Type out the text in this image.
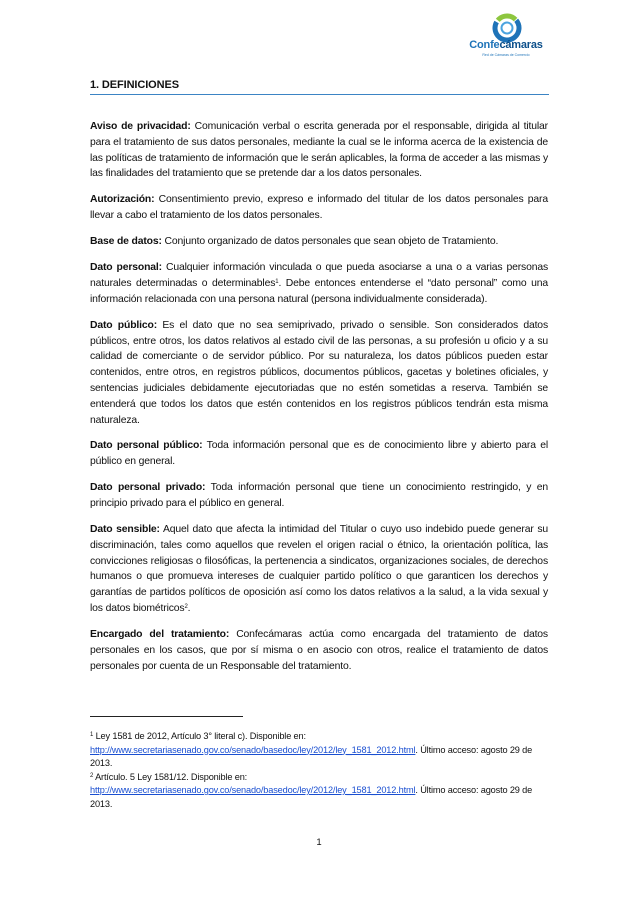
Confecámaras
Red de Cámaras de Comercio
1. DEFINICIONES

Aviso de privacidad: Comunicación verbal o escrita generada por el responsable, dirigida al titular para el tratamiento de sus datos personales, mediante la cual se le informa acerca de la existencia de las políticas de tratamiento de información que le serán aplicables, la forma de acceder a las mismas y las finalidades del tratamiento que se pretende dar a los datos personales.

Autorización: Consentimiento previo, expreso e informado del titular de los datos personales para llevar a cabo el tratamiento de los datos personales.

Base de datos: Conjunto organizado de datos personales que sean objeto de Tratamiento.

Dato personal: Cualquier información vinculada o que pueda asociarse a una o a varias personas naturales determinadas o determinables$^1$. Debe entonces entenderse el “dato personal” como una información relacionada con una persona natural (persona individualmente considerada).

Dato público: Es el dato que no sea semiprivado, privado o sensible. Son considerados datos públicos, entre otros, los datos relativos al estado civil de las personas, a su profesión u oficio y a su calidad de comerciante o de servidor público. Por su naturaleza, los datos públicos pueden estar contenidos, entre otros, en registros públicos, documentos públicos, gacetas y boletines oficiales, y sentencias judiciales debidamente ejecutoriadas que no estén sometidas a reserva. También se entenderá que todos los datos que estén contenidos en los registros públicos tendrán esta misma naturaleza.

Dato personal público: Toda información personal que es de conocimiento libre y abierto para el público en general.

Dato personal privado: Toda información personal que tiene un conocimiento restringido, y en principio privado para el público en general.

Dato sensible: Aquel dato que afecta la intimidad del Titular o cuyo uso indebido puede generar su discriminación, tales como aquellos que revelen el origen racial o étnico, la orientación política, las convicciones religiosas o filosóficas, la pertenencia a sindicatos, organizaciones sociales, de derechos humanos o que promueva intereses de cualquier partido político o que garanticen los derechos y garantías de partidos políticos de oposición así como los datos relativos a la salud, a la vida sexual y los datos biométricos$^2$.

Encargado del tratamiento: Confecámaras actúa como encargada del tratamiento de datos personales en los casos, que por sí misma o en asocio con otros, realice el tratamiento de datos personales por cuenta de un Responsable del tratamiento.

$^1$ Ley 1581 de 2012, Artículo 3° literal c). Disponible en:
http://www.secretariasenado.gov.co/senado/basedoc/ley/2012/ley_1581_2012.html. Último acceso: agosto 29 de 2013.
$^2$ Artículo. 5 Ley 1581/12. Disponible en:
http://www.secretariasenado.gov.co/senado/basedoc/ley/2012/ley_1581_2012.html. Último acceso: agosto 29 de 2013.
1
